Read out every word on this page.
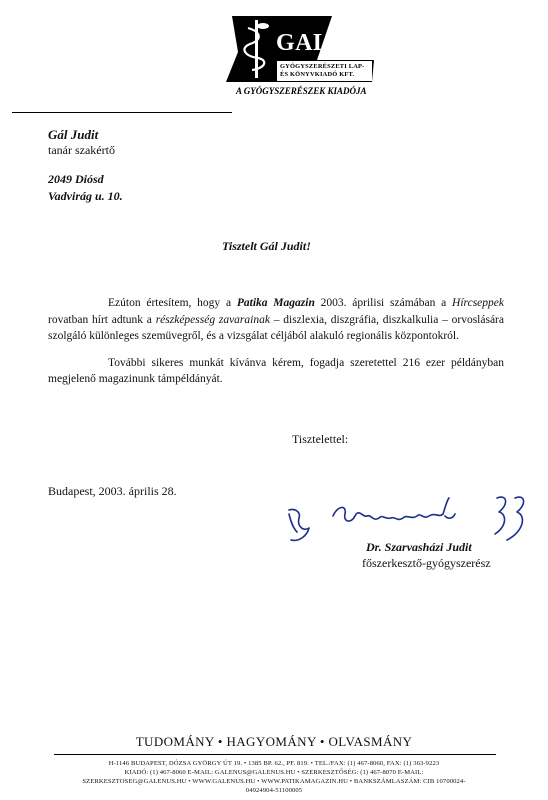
GALENUS
GYÓGYSZERÉSZETI LAP-
ÉS KÖNYVKIADÓ KFT.
A GYÓGYSZERÉSZEK KIADÓJA
Gál Judit
tanár szakértő
2049 Diósd
Vadvirág u. 10.
Tisztelt Gál Judit!

Ezúton értesítem, hogy a Patika Magazin 2003. áprilisi számában a Hírcseppek rovatban hírt adtunk a részképesség zavarainak – diszlexia, diszgráfia, diszkalkulia – orvoslására szolgáló különleges szemüvegről, és a vizsgálat céljából alakuló regionális központokról.

További sikeres munkát kívánva kérem, fogadja szeretettel 216 ezer példányban megjelenő magazinunk támpéldányát.

Tisztelettel:
Budapest, 2003. április 28.
Dr. Szarvasházi Judit
főszerkesztő-gyógyszerész
TUDOMÁNY • HAGYOMÁNY • OLVASMÁNY
H-1146 BUDAPEST, DÓZSA GYÖRGY ÚT 19. • 1385 BP. 62., PF. 819. • TEL./FAX: (1) 467-8060, FAX: (1) 363-9223
KIADÓ: (1) 467-8060 E-MAIL: GALENUS@GALENUS.HU • SZERKESZTŐSÉG: (1) 467-8070 E-MAIL:
SZERKESZTOSEG@GALENUS.HU • WWW.GALENUS.HU • WWW.PATIKAMAGAZIN.HU • BANKSZÁMLASZÁM: CIB 10700024-
04924904-51100005
